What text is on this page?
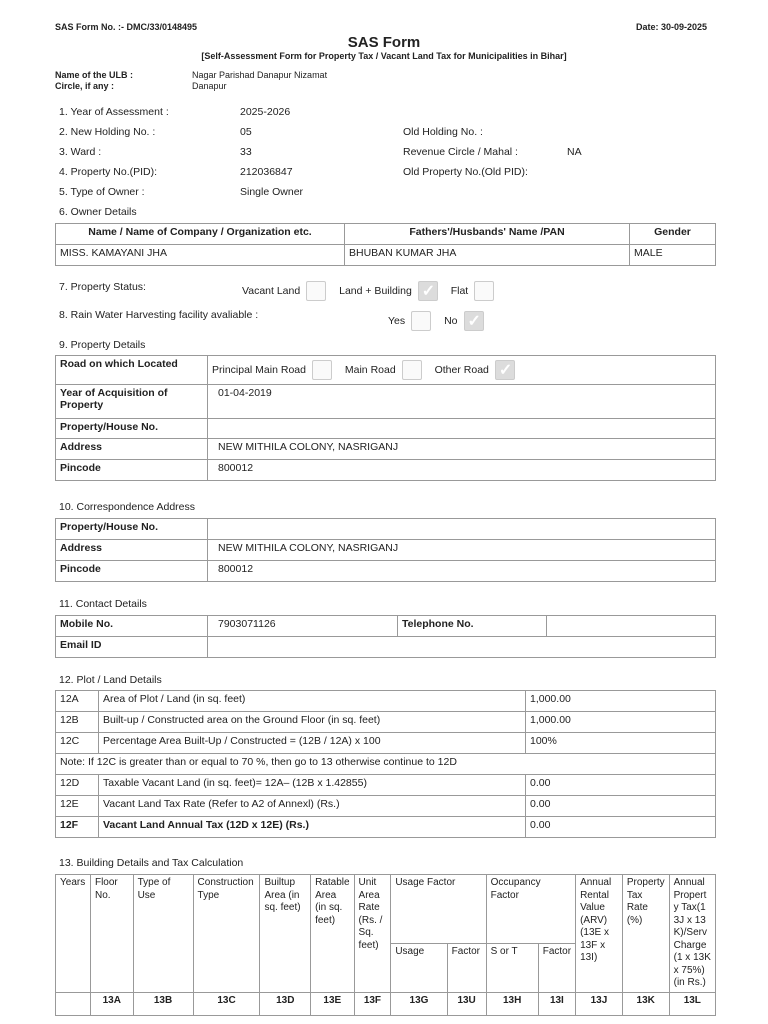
SAS Form No. :- DMC/33/0148495	Date: 30-09-2025
SAS Form
[Self-Assessment Form for Property Tax / Vacant Land Tax for Municipalities in Bihar]
Name of the ULB :
Circle, if any :
Nagar Parishad Danapur Nizamat
Danapur
1. Year of Assessment :	2025-2026
2. New Holding No. :	05	Old Holding No. :
3. Ward :	33	Revenue Circle / Mahal :	NA
4. Property No.(PID):	212036847	Old Property No.(Old PID):
5. Type of Owner :	Single Owner
6. Owner Details
Name / Name of Company / Organization etc.	Fathers'/Husbands' Name /PAN	Gender
MISS. KAMAYANI JHA	BHUBAN KUMAR JHA	MALE
7. Property Status:	Vacant Land	Land + Building ✓	Flat
8. Rain Water Harvesting facility avaliable :	Yes	No✓
9. Property Details
Road on which Located	Principal Main Road Main Road Other Road✓
Year of Acquisition of Property	01-04-2019
Property/House No.	
Address	NEW MITHILA COLONY, NASRIGANJ
Pincode	800012
10. Correspondence Address
Property/House No.	
Address	NEW MITHILA COLONY, NASRIGANJ
Pincode	800012
11. Contact Details
Mobile No.	7903071126	Telephone No.	
Email ID			
12. Plot / Land Details
12A	Area of Plot / Land (in sq. feet)	1,000.00
12B	Built-up / Constructed area on the Ground Floor (in sq. feet)	1,000.00
12C	Percentage Area Built-Up / Constructed = (12B / 12A) x 100	100%
Note: If 12C is greater than or equal to 70 %, then go to 13 otherwise continue to 12D		
12D	Taxable Vacant Land (in sq. feet)= 12A– (12B x 1.42855)	0.00
12E	Vacant Land Tax Rate (Refer to A2 of Annexl) (Rs.)	0.00
12F	Vacant Land Annual Tax (12D x 12E) (Rs.)	0.00
13. Building Details and Tax Calculation
Years	Floor No.	Type of Use	Construction Type	Builtup Area (in sq. feet)	Ratable Area (in sq. feet)	Unit Area Rate (Rs. / Sq. feet)	Usage Factor		Occupancy Factor		Annual Rental Value (ARV) (13E x 13F x 13I)	Property Tax Rate (%)	Annual Property Tax(13J x 13K)/Serv Charge (1 x 13K x 75%) (in Rs.)
							Usage	Factor	S or T	Factor			
	13A	13B	13C	13D	13E	13F	13G	13U	13H	13I	13J	13K	13L
